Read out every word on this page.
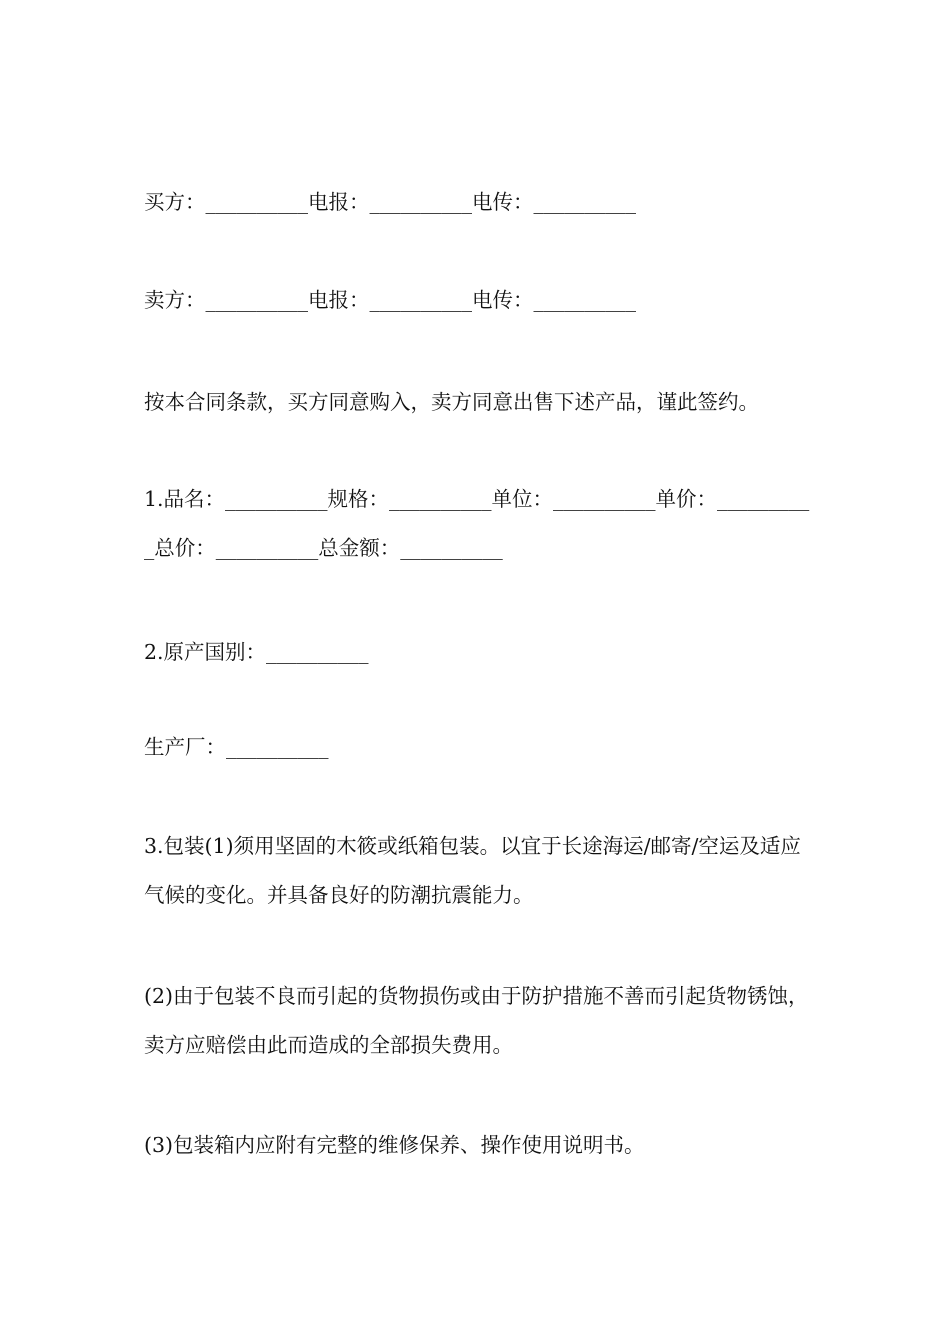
买方：__________电报：__________电传：__________

卖方：__________电报：__________电传：__________

按本合同条款，买方同意购入，卖方同意出售下述产品，谨此签约。

1.品名：__________规格：__________单位：__________单价：__________总价：__________总金额：__________

2.原产国别：__________

生产厂：__________

3.包装(1)须用坚固的木筱或纸箱包装。以宜于长途海运/邮寄/空运及适应气候的变化。并具备良好的防潮抗震能力。

(2)由于包装不良而引起的货物损伤或由于防护措施不善而引起货物锈蚀，卖方应赔偿由此而造成的全部损失费用。

(3)包装箱内应附有完整的维修保养、操作使用说明书。
